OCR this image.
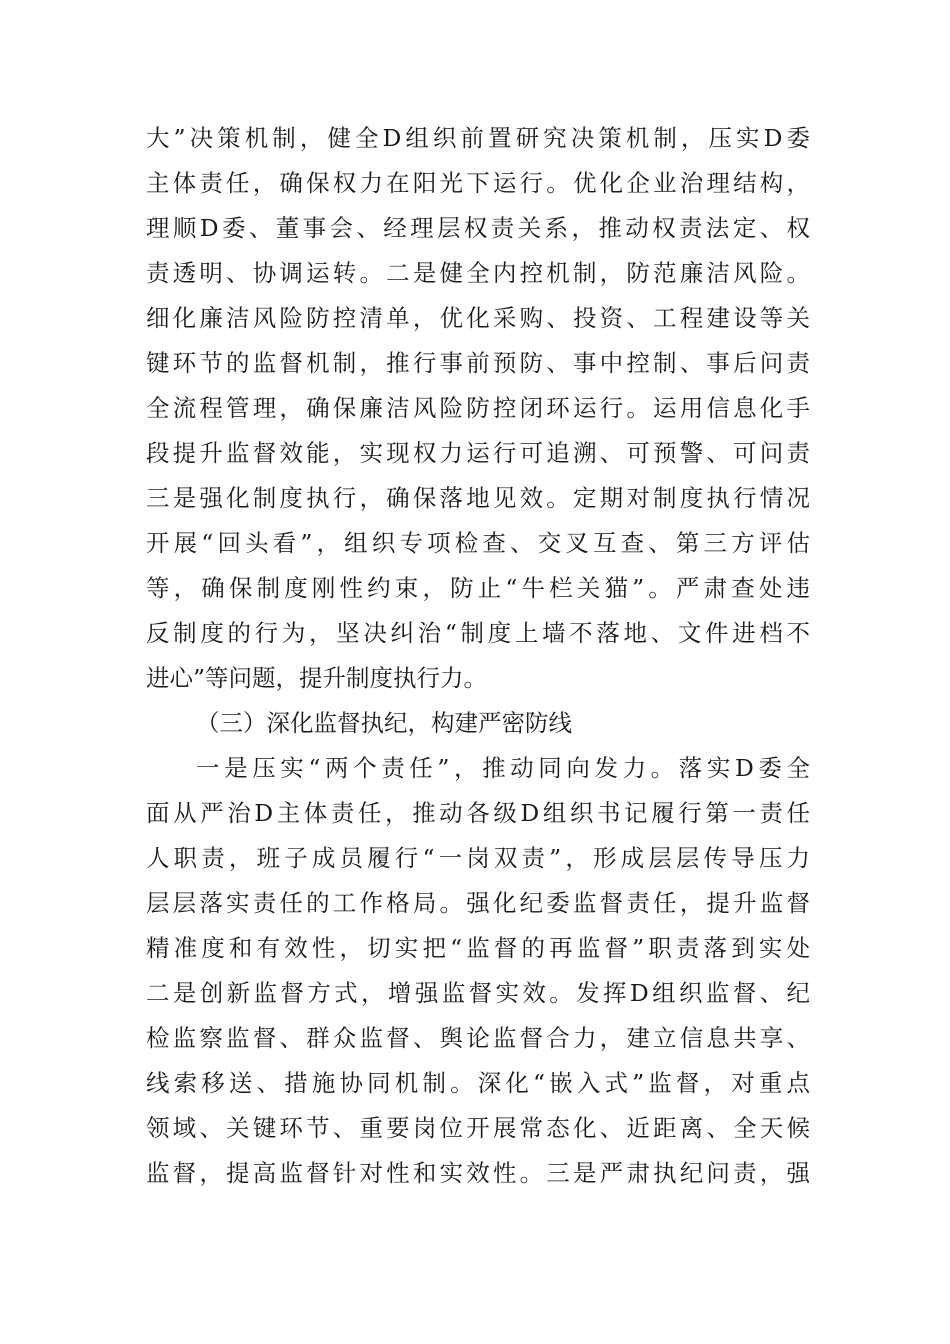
大”决策机制，健全D组织前置研究决策机制，压实D委
主体责任，确保权力在阳光下运行。优化企业治理结构，
理顺D委、董事会、经理层权责关系，推动权责法定、权
责透明、协调运转。二是健全内控机制，防范廉洁风险。
细化廉洁风险防控清单，优化采购、投资、工程建设等关
键环节的监督机制，推行事前预防、事中控制、事后问责
全流程管理，确保廉洁风险防控闭环运行。运用信息化手
段提升监督效能，实现权力运行可追溯、可预警、可问责
三是强化制度执行，确保落地见效。定期对制度执行情况
开展“回头看”，组织专项检查、交叉互查、第三方评估
等，确保制度刚性约束，防止“牛栏关猫”。严肃查处违
反制度的行为，坚决纠治“制度上墙不落地、文件进档不
进心”等问题，提升制度执行力。
（三）深化监督执纪，构建严密防线
一是压实“两个责任”，推动同向发力。落实D委全
面从严治D主体责任，推动各级D组织书记履行第一责任
人职责，班子成员履行“一岗双责”，形成层层传导压力
层层落实责任的工作格局。强化纪委监督责任，提升监督
精准度和有效性，切实把“监督的再监督”职责落到实处
二是创新监督方式，增强监督实效。发挥D组织监督、纪
检监察监督、群众监督、舆论监督合力，建立信息共享、
线索移送、措施协同机制。深化“嵌入式”监督，对重点
领域、关键环节、重要岗位开展常态化、近距离、全天候
监督，提高监督针对性和实效性。三是严肃执纪问责，强
